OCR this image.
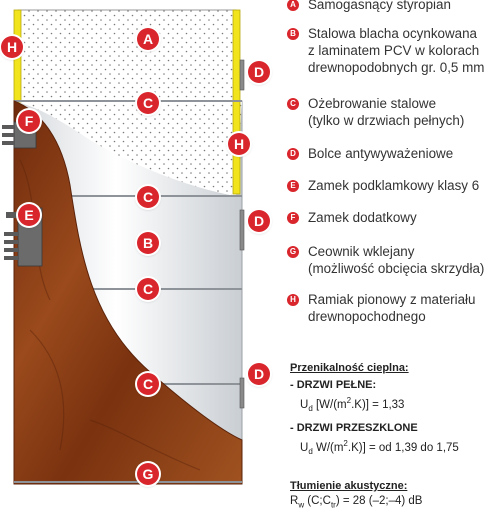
A
B
C
C
C
C
D
D
D
E
F
G
H
H
A Samogasnący styropian
B Stalowa blacha ocynkowana
z laminatem PCV w kolorach
drewnopodobnych gr. 0,5 mm
C Ożebrowanie stalowe
(tylko w drzwiach pełnych)
D Bolce antywyważeniowe
E Zamek podklamkowy klasy 6
F Zamek dodatkowy
G Ceownik wklejany
(możliwość obcięcia skrzydła)
H Ramiak pionowy z materiału
drewnopochodnego
Przenikalność cieplna:
- DRZWI PEŁNE:
$U_d$ $[W/(m^2.K)] = 1,33$
- DRZWI PRZESZKLONE
$U_d$ $W/(m^2.K)$] = od 1,39 do 1,75
Tłumienie akustyczne:
$R_w$ $(C;C_{tr}) = 28$ (–2;–4) dB
